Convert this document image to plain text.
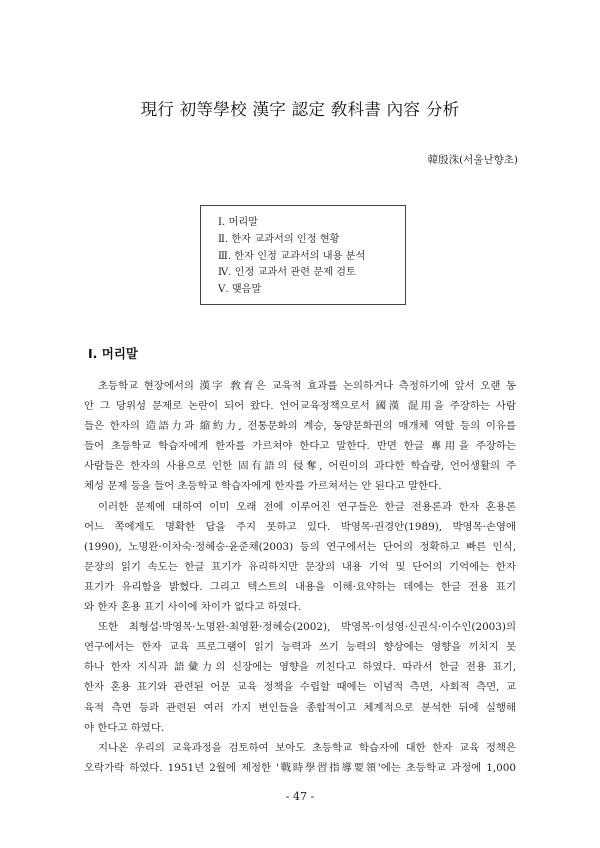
現行 初等學校 漢字 認定 敎科書 內容 分析
韓殷洙(서울난향초)
Ⅰ. 머리말
Ⅱ. 한자 교과서의 인정 현황
Ⅲ. 한자 인정 교과서의 내용 분석
Ⅳ. 인정 교과서 관련 문제 검토
Ⅴ. 맺음말
Ⅰ. 머리말
초등학교 현장에서의 漢字 敎育은 교육적 효과를 논의하거나 측정하기에 앞서 오랜 동
안 그 당위성 문제로 논란이 되어 왔다. 언어교육정책으로서 國漢 混用을 주장하는 사람
들은 한자의 造語力과 縮約力, 전통문화의 계승, 동양문화권의 매개체 역할 등의 이유를
들어 초등학교 학습자에게 한자를 가르쳐야 한다고 말한다. 반면 한글 專用을 주장하는
사람들은 한자의 사용으로 인한 固有語의 侵奪, 어린이의 과다한 학습량, 언어생활의 주
체성 문제 등을 들어 초등학교 학습자에게 한자를 가르쳐서는 안 된다고 말한다.
이러한 문제에 대하여 이미 오래 전에 이루어진 연구들은 한글 전용론과 한자 혼용론
어느 쪽에게도 명확한 답을 주지 못하고 있다. 박영목·권경안(1989), 박영목·손영애
(1990), 노명완·이차숙·정혜승·윤준채(2003) 등의 연구에서는 단어의 정확하고 빠른 인식,
문장의 읽기 속도는 한글 표기가 유리하지만 문장의 내용 기억 및 단어의 기억에는 한자
표기가 유리함을 밝혔다. 그리고 텍스트의 내용을 이해·요약하는 데에는 한글 전용 표기
와 한자 혼용 표기 사이에 차이가 없다고 하였다.
또한 최형섭·박영목·노명완·최영환·정혜승(2002), 박영목·이성영·신권식·이수인(2003)의
연구에서는 한자 교육 프로그램이 읽기 능력과 쓰기 능력의 향상에는 영향을 끼치지 못
하나 한자 지식과 語彙力의 신장에는 영향을 끼친다고 하였다. 따라서 한글 전용 표기,
한자 혼용 표기와 관련된 어문 교육 정책을 수립할 때에는 이념적 측면, 사회적 측면, 교
육적 측면 등과 관련된 여러 가지 변인들을 종합적이고 체계적으로 분석한 뒤에 실행해
야 한다고 하였다.
지나온 우리의 교육과정을 검토하여 보아도 초등학교 학습자에 대한 한자 교육 정책은
오락가락 하였다. 1951년 2월에 제정한 '戰時學習指導要領'에는 초등학교 과정에 1,000
- 47 -
